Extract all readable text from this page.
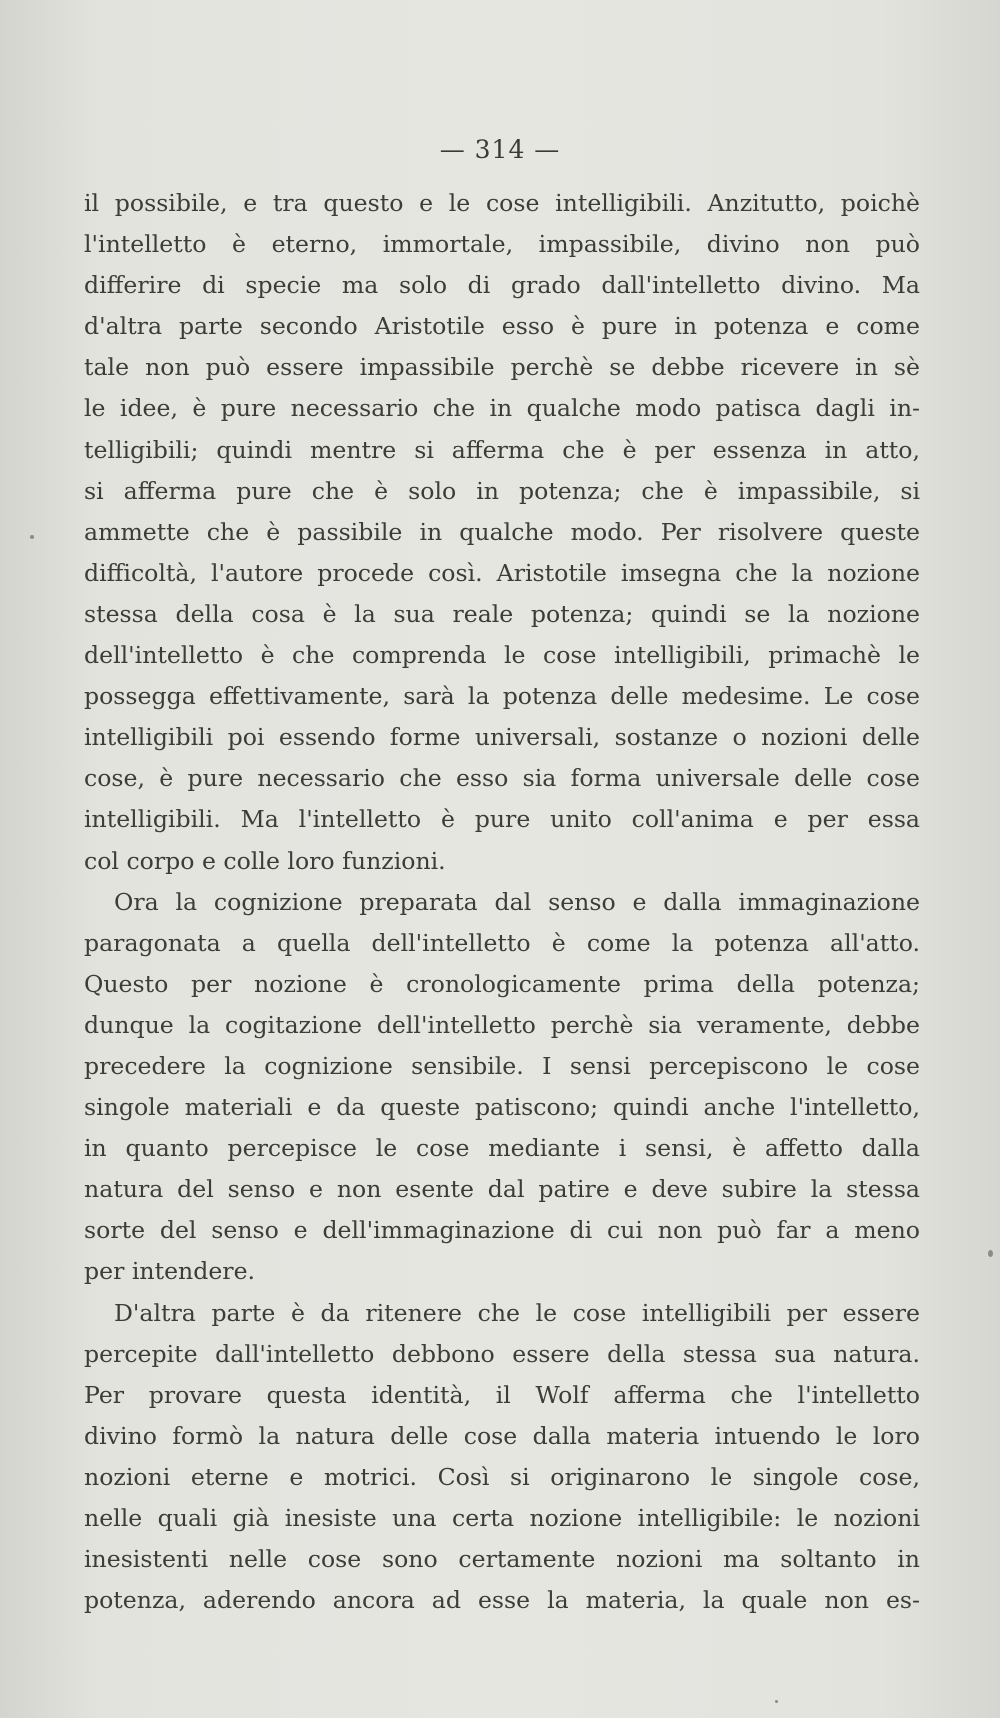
— 314 —
il possibile, e tra questo e le cose intelligibili. Anzitutto, poichè
l'intelletto è eterno, immortale, impassibile, divino non può
differire di specie ma solo di grado dall'intelletto divino. Ma
d'altra parte secondo Aristotile esso è pure in potenza e come
tale non può essere impassibile perchè se debbe ricevere in sè
le idee, è pure necessario che in qualche modo patisca dagli in-
telligibili; quindi mentre si afferma che è per essenza in atto,
si afferma pure che è solo in potenza; che è impassibile, si
ammette che è passibile in qualche modo. Per risolvere queste
difficoltà, l'autore procede così. Aristotile imsegna che la nozione
stessa della cosa è la sua reale potenza; quindi se la nozione
dell'intelletto è che comprenda le cose intelligibili, primachè le
possegga effettivamente, sarà la potenza delle medesime. Le cose
intelligibili poi essendo forme universali, sostanze o nozioni delle
cose, è pure necessario che esso sia forma universale delle cose
intelligibili. Ma l'intelletto è pure unito coll'anima e per essa
col corpo e colle loro funzioni.
Ora la cognizione preparata dal senso e dalla immaginazione
paragonata a quella dell'intelletto è come la potenza all'atto.
Questo per nozione è cronologicamente prima della potenza;
dunque la cogitazione dell'intelletto perchè sia veramente, debbe
precedere la cognizione sensibile. I sensi percepiscono le cose
singole materiali e da queste patiscono; quindi anche l'intelletto,
in quanto percepisce le cose mediante i sensi, è affetto dalla
natura del senso e non esente dal patire e deve subire la stessa
sorte del senso e dell'immaginazione di cui non può far a meno
per intendere.
D'altra parte è da ritenere che le cose intelligibili per essere
percepite dall'intelletto debbono essere della stessa sua natura.
Per provare questa identità, il Wolf afferma che l'intelletto
divino formò la natura delle cose dalla materia intuendo le loro
nozioni eterne e motrici. Così si originarono le singole cose,
nelle quali già inesiste una certa nozione intelligibile: le nozioni
inesistenti nelle cose sono certamente nozioni ma soltanto in
potenza, aderendo ancora ad esse la materia, la quale non es-
